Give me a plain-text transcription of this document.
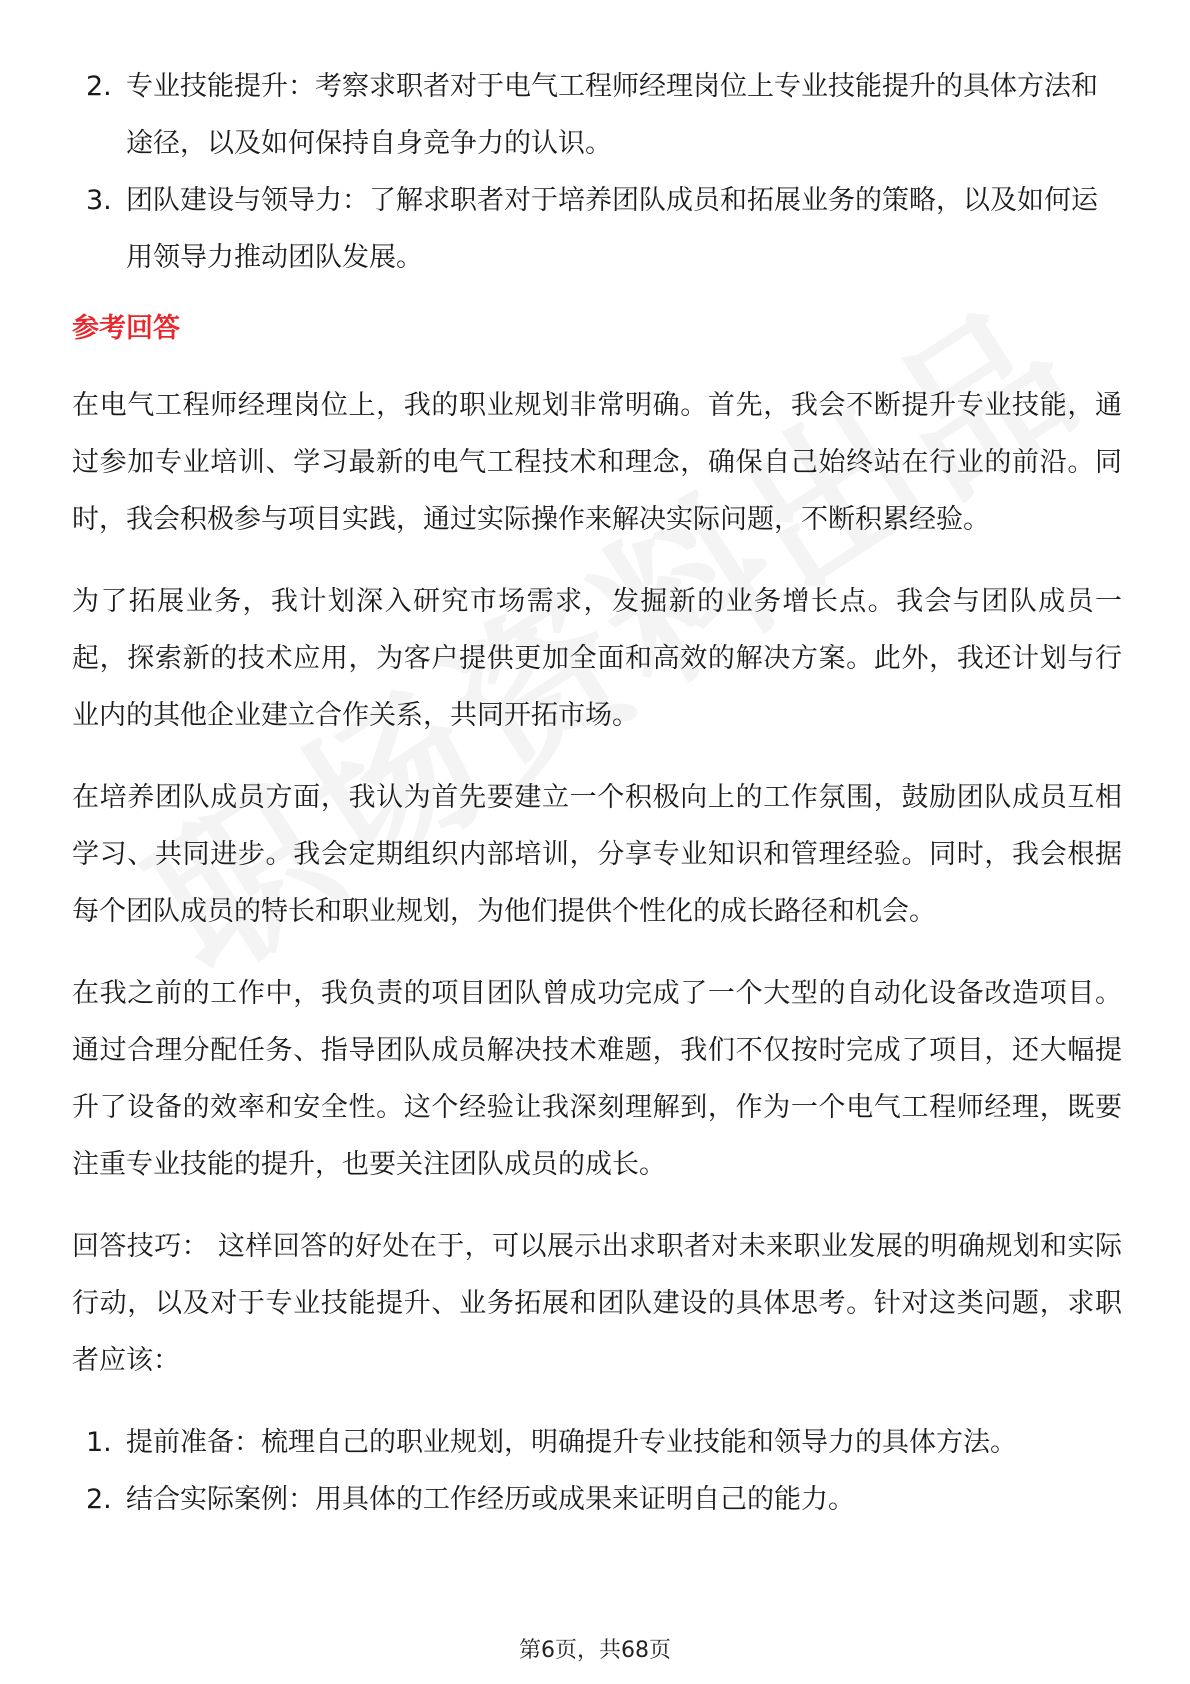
2. 专业技能提升：考察求职者对于电气工程师经理岗位上专业技能提升的具体方法和途径，以及如何保持自身竞争力的认识。
3. 团队建设与领导力：了解求职者对于培养团队成员和拓展业务的策略，以及如何运用领导力推动团队发展。
参考回答

在电气工程师经理岗位上，我的职业规划非常明确。首先，我会不断提升专业技能，通过参加专业培训、学习最新的电气工程技术和理念，确保自己始终站在行业的前沿。同时，我会积极参与项目实践，通过实际操作来解决实际问题，不断积累经验。

为了拓展业务，我计划深入研究市场需求，发掘新的业务增长点。我会与团队成员一起，探索新的技术应用，为客户提供更加全面和高效的解决方案。此外，我还计划与行业内的其他企业建立合作关系，共同开拓市场。

在培养团队成员方面，我认为首先要建立一个积极向上的工作氛围，鼓励团队成员互相学习、共同进步。我会定期组织内部培训，分享专业知识和管理经验。同时，我会根据每个团队成员的特长和职业规划，为他们提供个性化的成长路径和机会。

在我之前的工作中，我负责的项目团队曾成功完成了一个大型的自动化设备改造项目。通过合理分配任务、指导团队成员解决技术难题，我们不仅按时完成了项目，还大幅提升了设备的效率和安全性。这个经验让我深刻理解到，作为一个电气工程师经理，既要注重专业技能的提升，也要关注团队成员的成长。

回答技巧： 这样回答的好处在于，可以展示出求职者对未来职业发展的明确规划和实际行动，以及对于专业技能提升、业务拓展和团队建设的具体思考。针对这类问题，求职者应该：

1. 提前准备：梳理自己的职业规划，明确提升专业技能和领导力的具体方法。
2. 结合实际案例：用具体的工作经历或成果来证明自己的能力。
第6页，共68页
